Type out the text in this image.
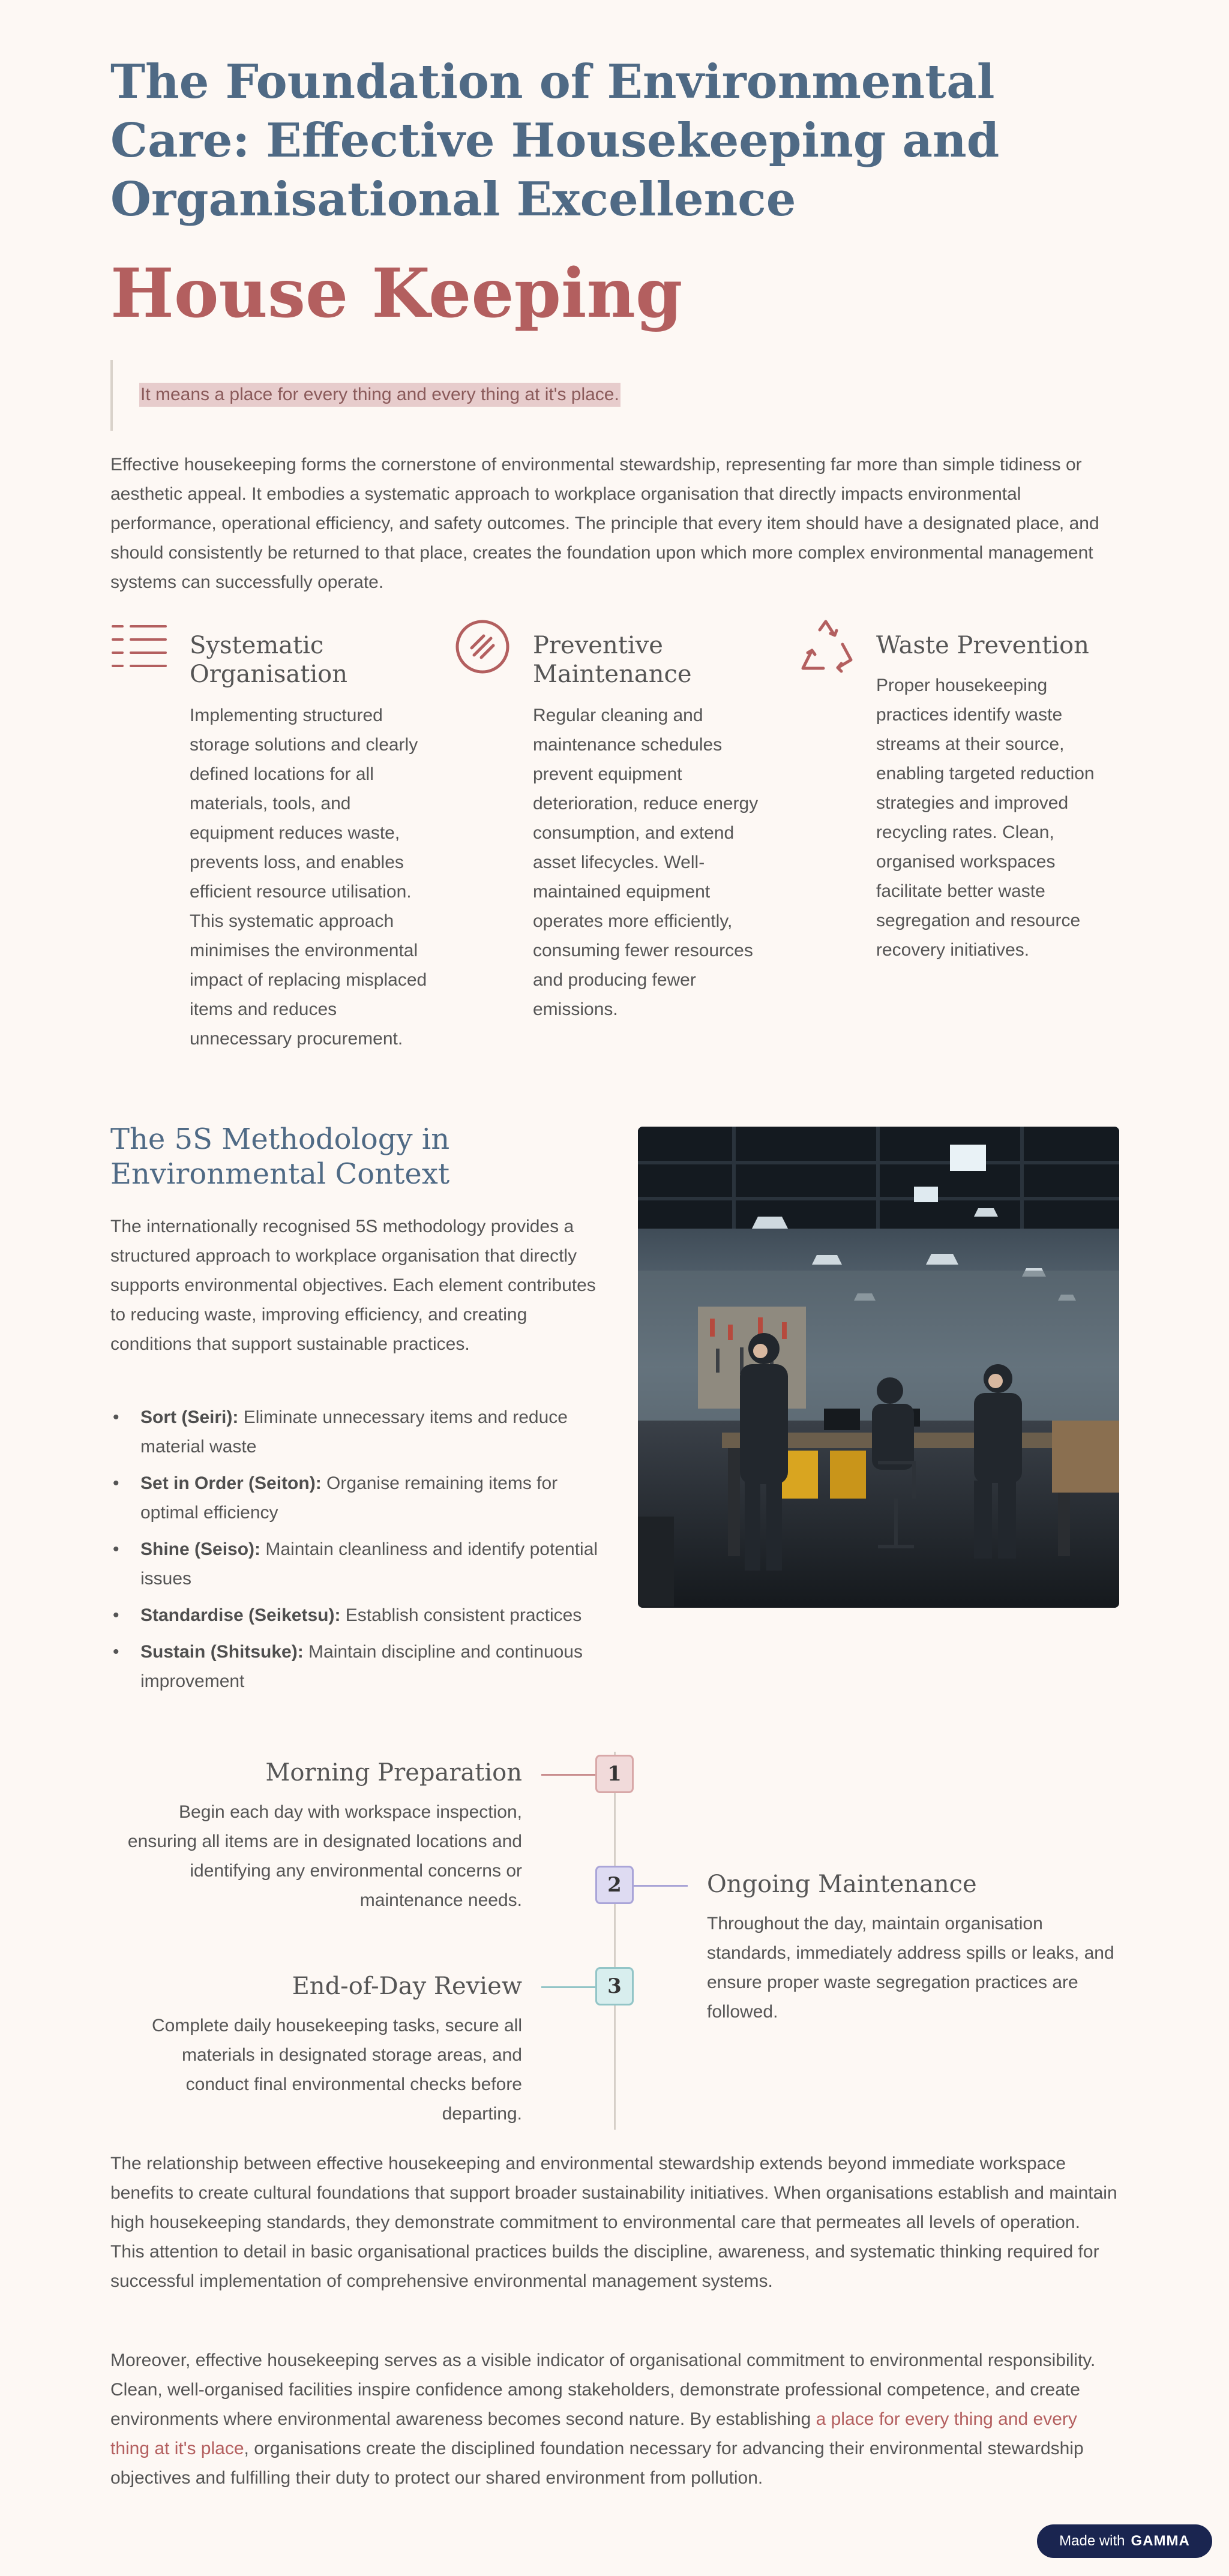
The Foundation of Environmental Care: Effective Housekeeping and Organisational Excellence
House Keeping
It means a place for every thing and every thing at it's place.

Effective housekeeping forms the cornerstone of environmental stewardship, representing far more than simple tidiness or aesthetic appeal. It embodies a systematic approach to workplace organisation that directly impacts environmental performance, operational efficiency, and safety outcomes. The principle that every item should have a designated place, and should consistently be returned to that place, creates the foundation upon which more complex environmental management systems can successfully operate.

Systematic Organisation

Implementing structured storage solutions and clearly defined locations for all materials, tools, and equipment reduces waste, prevents loss, and enables efficient resource utilisation. This systematic approach minimises the environmental impact of replacing misplaced items and reduces unnecessary procurement.

Preventive Maintenance

Regular cleaning and maintenance schedules prevent equipment deterioration, reduce energy consumption, and extend asset lifecycles. Well-maintained equipment operates more efficiently, consuming fewer resources and producing fewer emissions.

Waste Prevention

Proper housekeeping practices identify waste streams at their source, enabling targeted reduction strategies and improved recycling rates. Clean, organised workspaces facilitate better waste segregation and resource recovery initiatives.

The 5S Methodology in Environmental Context

The internationally recognised 5S methodology provides a structured approach to workplace organisation that directly supports environmental objectives. Each element contributes to reducing waste, improving efficiency, and creating conditions that support sustainable practices.

• Sort (Seiri): Eliminate unnecessary items and reduce material waste
• Set in Order (Seiton): Organise remaining items for optimal efficiency
• Shine (Seiso): Maintain cleanliness and identify potential issues
• Standardise (Seiketsu): Establish consistent practices
• Sustain (Shitsuke): Maintain discipline and continuous improvement
1
Morning Preparation

Begin each day with workspace inspection, ensuring all items are in designated locations and identifying any environmental concerns or maintenance needs.

2	Ongoing Maintenance

Throughout the day, maintain organisation standards, immediately address spills or leaks, and ensure proper waste segregation practices are followed.

3
End-of-Day Review

Complete daily housekeeping tasks, secure all materials in designated storage areas, and conduct final environmental checks before departing.

The relationship between effective housekeeping and environmental stewardship extends beyond immediate workspace benefits to create cultural foundations that support broader sustainability initiatives. When organisations establish and maintain high housekeeping standards, they demonstrate commitment to environmental care that permeates all levels of operation. This attention to detail in basic organisational practices builds the discipline, awareness, and systematic thinking required for successful implementation of comprehensive environmental management systems.

Moreover, effective housekeeping serves as a visible indicator of organisational commitment to environmental responsibility. Clean, well-organised facilities inspire confidence among stakeholders, demonstrate professional competence, and create environments where environmental awareness becomes second nature. By establishing a place for every thing and every thing at it's place, organisations create the disciplined foundation necessary for advancing their environmental stewardship objectives and fulfilling their duty to protect our shared environment from pollution.

Made with GAMMA
